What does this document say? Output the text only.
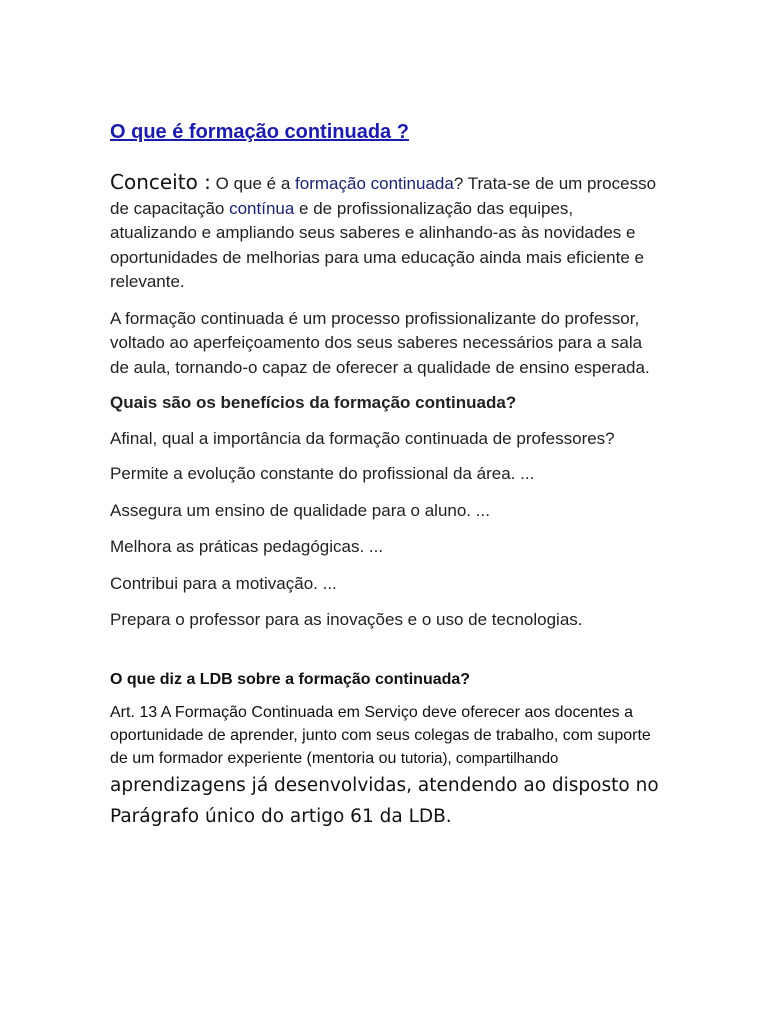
O que é formação continuada ?

Conceito : O que é a formação continuada? Trata-se de um processo de capacitação contínua e de profissionalização das equipes, atualizando e ampliando seus saberes e alinhando-as às novidades e oportunidades de melhorias para uma educação ainda mais eficiente e relevante.

A formação continuada é um processo profissionalizante do professor, voltado ao aperfeiçoamento dos seus saberes necessários para a sala de aula, tornando-o capaz de oferecer a qualidade de ensino esperada.

Quais são os benefícios da formação continuada?

Afinal, qual a importância da formação continuada de professores?

Permite a evolução constante do profissional da área. ...

Assegura um ensino de qualidade para o aluno. ...

Melhora as práticas pedagógicas. ...

Contribui para a motivação. ...

Prepara o professor para as inovações e o uso de tecnologias.

O que diz a LDB sobre a formação continuada?

Art. 13 A Formação Continuada em Serviço deve oferecer aos docentes a oportunidade de aprender, junto com seus colegas de trabalho, com suporte de um formador experiente (mentoria ou tutoria), compartilhando aprendizagens já desenvolvidas, atendendo ao disposto no Parágrafo único do artigo 61 da LDB.
